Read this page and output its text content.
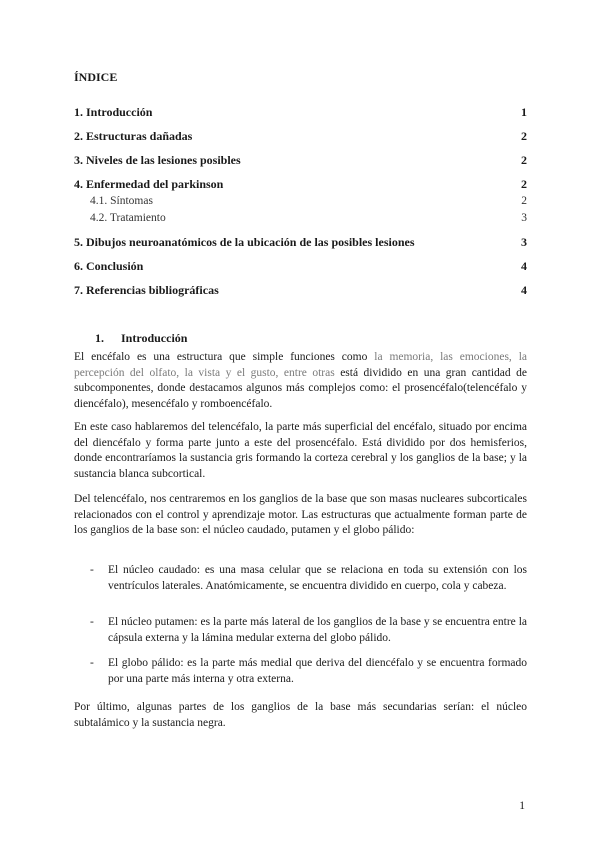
ÍNDICE
1. Introducción	1
2. Estructuras dañadas	2
3. Niveles de las lesiones posibles	2
4. Enfermedad del parkinson	2
4.1. Síntomas	2
4.2. Tratamiento	3
5. Dibujos neuroanatómicos de la ubicación de las posibles lesiones	3
6. Conclusión	4
7. Referencias bibliográficas	4
1. Introducción

El encéfalo es una estructura que simple funciones como la memoria, las emociones, la percepción del olfato, la vista y el gusto, entre otras está dividido en una gran cantidad de subcomponentes, donde destacamos algunos más complejos como: el prosencéfalo(telencéfalo y diencéfalo), mesencéfalo y romboencéfalo.

En este caso hablaremos del telencéfalo, la parte más superficial del encéfalo, situado por encima del diencéfalo y forma parte junto a este del prosencéfalo. Está dividido por dos hemisferios, donde encontraríamos la sustancia gris formando la corteza cerebral y los ganglios de la base; y la sustancia blanca subcortical.

Del telencéfalo, nos centraremos en los ganglios de la base que son masas nucleares subcorticales relacionados con el control y aprendizaje motor. Las estructuras que actualmente forman parte de los ganglios de la base son: el núcleo caudado, putamen y el globo pálido:

-	El núcleo caudado: es una masa celular que se relaciona en toda su extensión con los ventrículos laterales. Anatómicamente, se encuentra dividido en cuerpo, cola y cabeza.
-	El núcleo putamen: es la parte más lateral de los ganglios de la base y se encuentra entre la cápsula externa y la lámina medular externa del globo pálido.
-	El globo pálido: es la parte más medial que deriva del diencéfalo y se encuentra formado por una parte más interna y otra externa.

Por último, algunas partes de los ganglios de la base más secundarias serían: el núcleo subtalámico y la sustancia negra.

1
